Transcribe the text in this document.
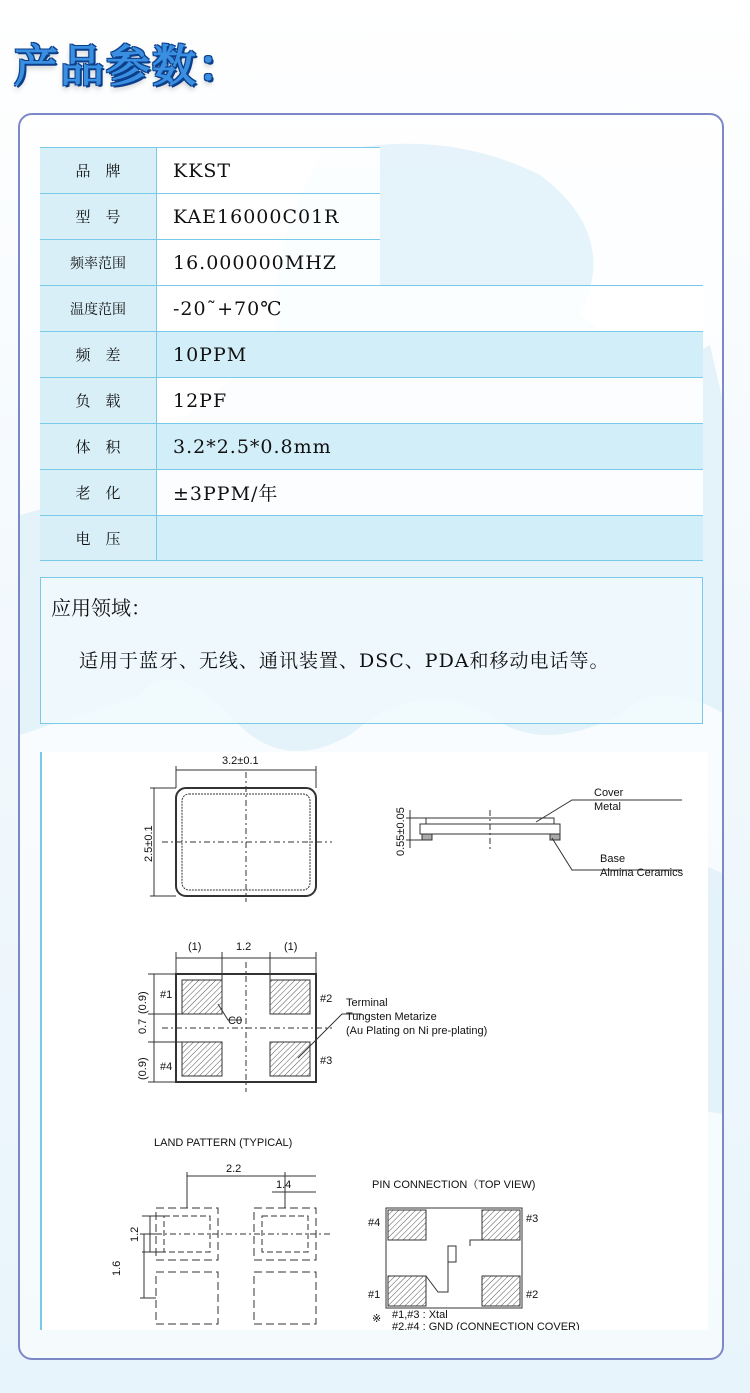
产品参数：
品　牌	KKST
型　号	KAE16000C01R
频率范围	16.000000MHZ
温度范围	-20˜+70℃
频　差	10PPM
负　载	12PF
体　积	3.2*2.5*0.8mm
老　化	±3PPM/年
电　压
应用领域：
适用于蓝牙、无线、通讯装置、DSC、PDA和移动电话等。
3.2±0.1
2.5±0.1	0.55±0.05
Cover
Metal
Base
Almina Ceramics
(1)	1.2	(1)
(0.9)
0.7
(0.9)
#1	#2
#3
#4
C0
Terminal
Tungsten Metarize
(Au Plating on Ni pre-plating)
LAND PATTERN (TYPICAL)
2.2
1.4
1.2
1.6
PIN CONNECTION（TOP VIEW)
#4	#3
#1	#2
※ #1,#3 : Xtal
#2,#4 : GND (CONNECTION COVER)
